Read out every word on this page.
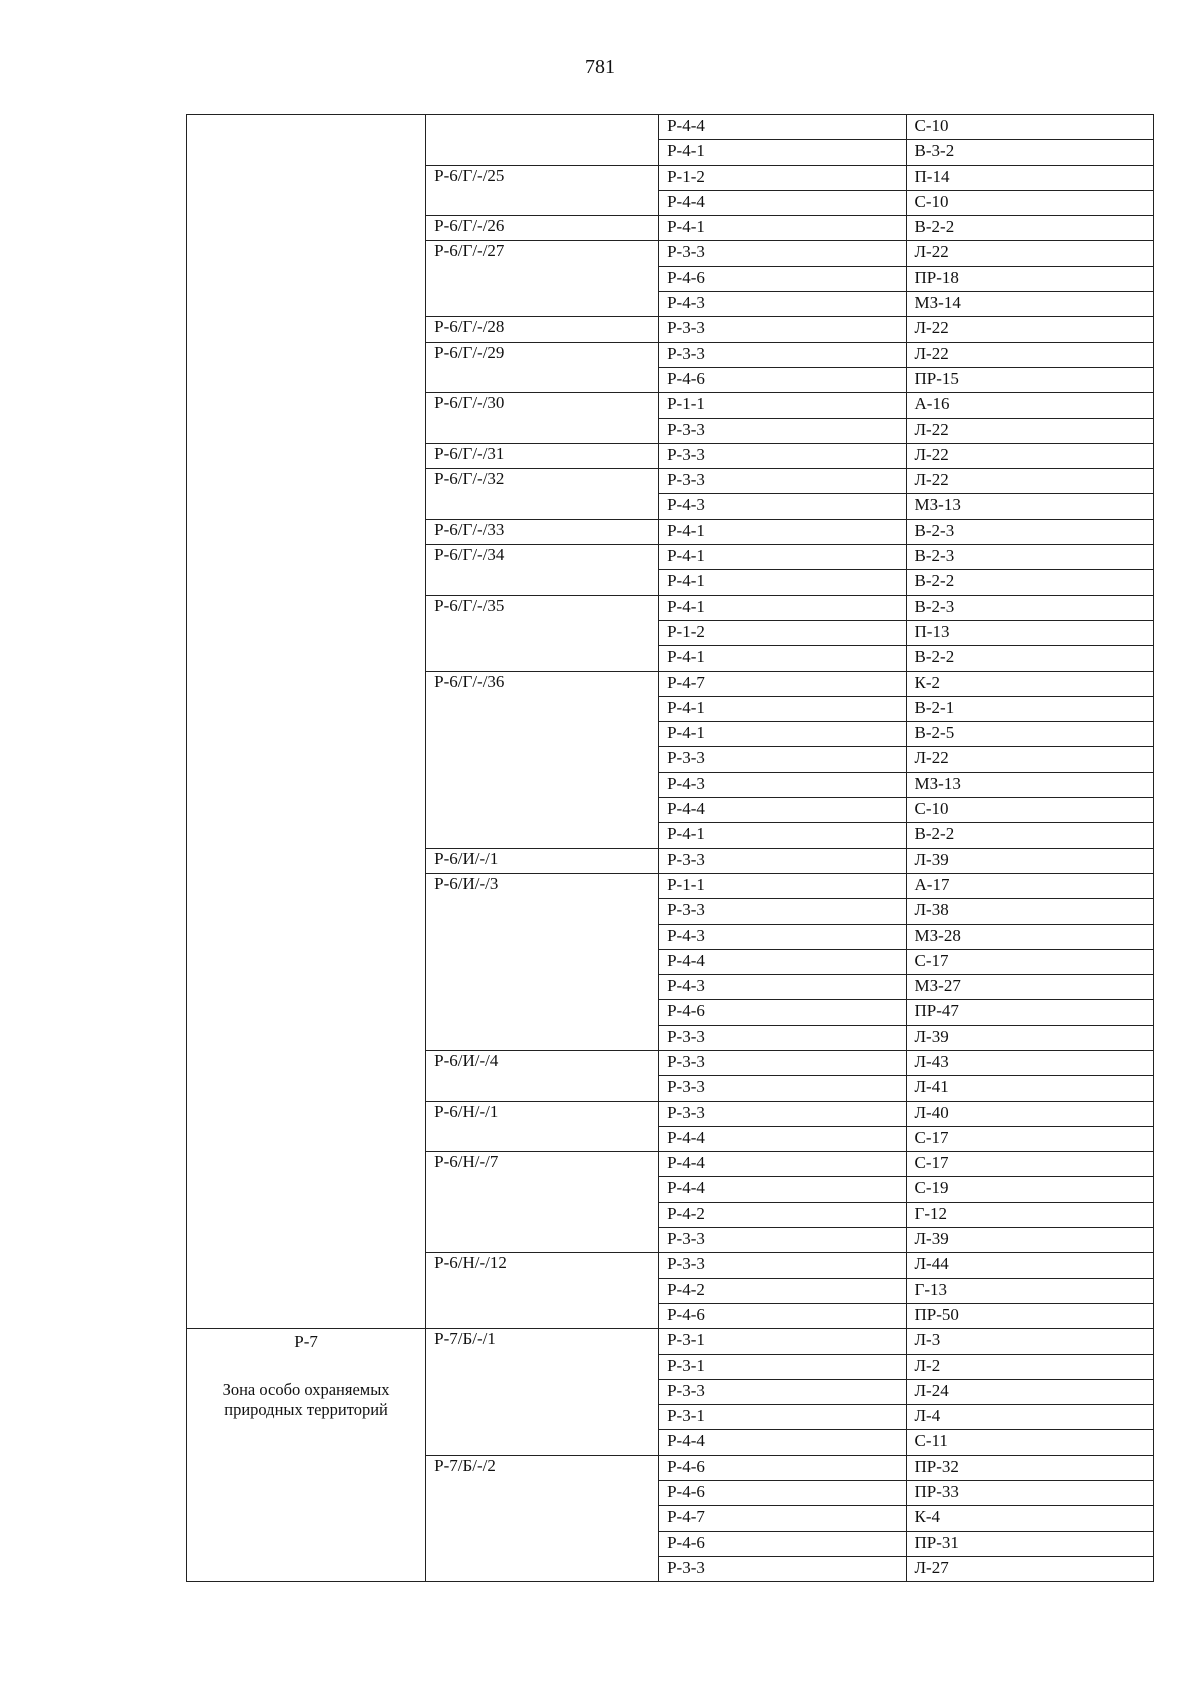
781
		Р-4-4	С-10
		Р-4-1	В-3-2
	Р-6/Г/-/25	Р-1-2	П-14
		Р-4-4	С-10
	Р-6/Г/-/26	Р-4-1	В-2-2
	Р-6/Г/-/27	Р-3-3	Л-22
		Р-4-6	ПР-18
		Р-4-3	МЗ-14
	Р-6/Г/-/28	Р-3-3	Л-22
	Р-6/Г/-/29	Р-3-3	Л-22
		Р-4-6	ПР-15
	Р-6/Г/-/30	Р-1-1	А-16
		Р-3-3	Л-22
	Р-6/Г/-/31	Р-3-3	Л-22
	Р-6/Г/-/32	Р-3-3	Л-22
		Р-4-3	МЗ-13
	Р-6/Г/-/33	Р-4-1	В-2-3
	Р-6/Г/-/34	Р-4-1	В-2-3
		Р-4-1	В-2-2
	Р-6/Г/-/35	Р-4-1	В-2-3
		Р-1-2	П-13
		Р-4-1	В-2-2
	Р-6/Г/-/36	Р-4-7	К-2
		Р-4-1	В-2-1
		Р-4-1	В-2-5
		Р-3-3	Л-22
		Р-4-3	МЗ-13
		Р-4-4	С-10
		Р-4-1	В-2-2
	Р-6/И/-/1	Р-3-3	Л-39
	Р-6/И/-/3	Р-1-1	А-17
		Р-3-3	Л-38
		Р-4-3	МЗ-28
		Р-4-4	С-17
		Р-4-3	МЗ-27
		Р-4-6	ПР-47
		Р-3-3	Л-39
	Р-6/И/-/4	Р-3-3	Л-43
		Р-3-3	Л-41
	Р-6/Н/-/1	Р-3-3	Л-40
		Р-4-4	С-17
	Р-6/Н/-/7	Р-4-4	С-17
		Р-4-4	С-19
		Р-4-2	Г-12
		Р-3-3	Л-39
	Р-6/Н/-/12	Р-3-3	Л-44
		Р-4-2	Г-13
		Р-4-6	ПР-50

Р-7
Зона особо охраняемых природных территорий	Р-7/Б/-/1	Р-3-1	Л-3
		Р-3-1	Л-2
		Р-3-3	Л-24
		Р-3-1	Л-4
		Р-4-4	С-11
	Р-7/Б/-/2	Р-4-6	ПР-32
		Р-4-6	ПР-33
		Р-4-7	К-4
		Р-4-6	ПР-31
		Р-3-3	Л-27
